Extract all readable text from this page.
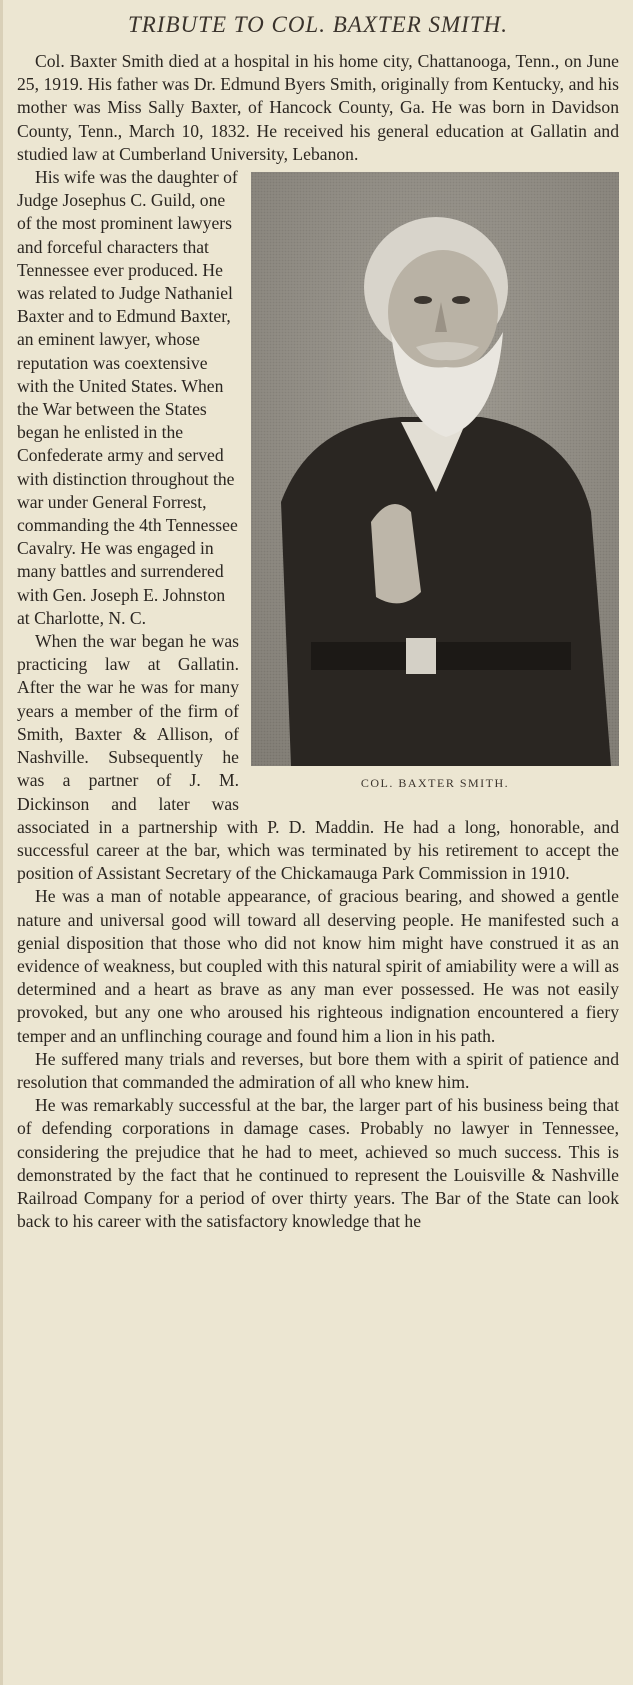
TRIBUTE TO COL. BAXTER SMITH.

Col. Baxter Smith died at a hospital in his home city, Chattanooga, Tenn., on June 25, 1919. His father was Dr. Edmund Byers Smith, originally from Kentucky, and his mother was Miss Sally Baxter, of Hancock County, Ga. He was born in Davidson County, Tenn., March 10, 1832. He received his general education at Gallatin and studied law at Cumberland University, Lebanon.

COL. BAXTER SMITH.

His wife was the daughter of Judge Josephus C. Guild, one of the most prominent lawyers and forceful characters that Tennessee ever produced. He was related to Judge Nathaniel Baxter and to Edmund Baxter, an eminent lawyer, whose reputation was coextensive with the United States. When the War between the States began he enlisted in the Confederate army and served with distinction throughout the war under General Forrest, commanding the 4th Tennessee Cavalry. He was engaged in many battles and surrendered with Gen. Joseph E. Johnston at Charlotte, N. C.

When the war began he was practicing law at Gallatin. After the war he was for many years a member of the firm of Smith, Baxter & Allison, of Nashville. Subsequently he was a partner of J. M. Dickinson and later was associated in a partnership with P. D. Maddin. He had a long, honorable, and successful career at the bar, which was terminated by his retirement to accept the position of Assistant Secretary of the Chickamauga Park Commission in 1910.

He was a man of notable appearance, of gracious bearing, and showed a gentle nature and universal good will toward all deserving people. He manifested such a genial disposition that those who did not know him might have construed it as an evidence of weakness, but coupled with this natural spirit of amiability were a will as determined and a heart as brave as any man ever possessed. He was not easily provoked, but any one who aroused his righteous indignation encountered a fiery temper and an unflinching courage and found him a lion in his path.

He suffered many trials and reverses, but bore them with a spirit of patience and resolution that commanded the admiration of all who knew him.

He was remarkably successful at the bar, the larger part of his business being that of defending corporations in damage cases. Probably no lawyer in Tennessee, considering the prejudice that he had to meet, achieved so much success. This is demonstrated by the fact that he continued to represent the Louisville & Nashville Railroad Company for a period of over thirty years. The Bar of the State can look back to his career with the satisfactory knowledge that he
